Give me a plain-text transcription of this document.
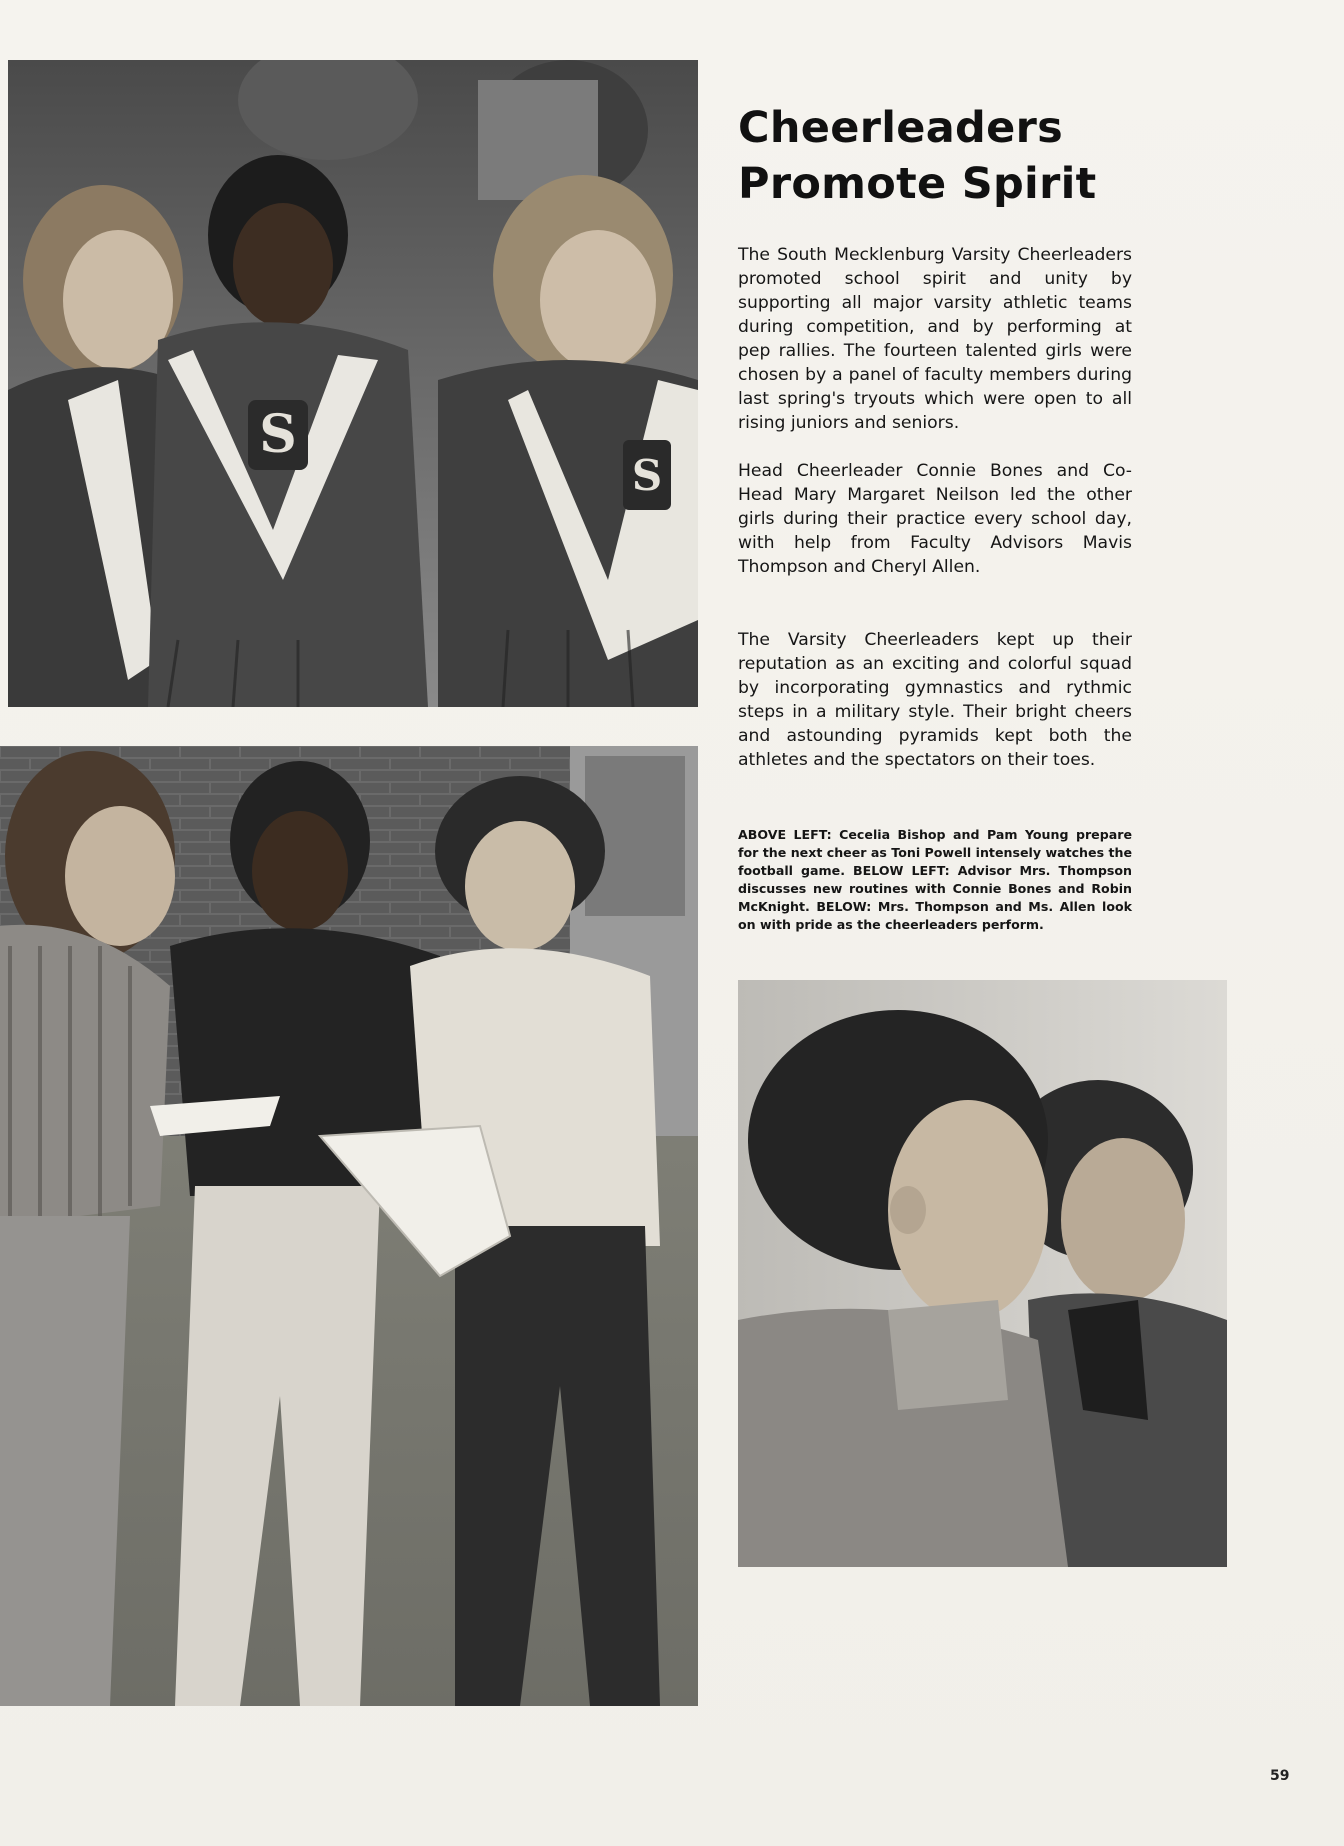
S
S
Cheerleaders
Promote Spirit

The South Mecklenburg Varsity Cheerleaders promoted school spirit and unity by supporting all major varsity athletic teams during competition, and by performing at pep rallies. The fourteen talented girls were chosen by a panel of faculty members during last spring's tryouts which were open to all rising juniors and seniors.

Head Cheerleader Connie Bones and Co-Head Mary Margaret Neilson led the other girls during their practice every school day, with help from Faculty Advisors Mavis Thompson and Cheryl Allen.

The Varsity Cheerleaders kept up their reputation as an exciting and colorful squad by incorporating gymnastics and rythmic steps in a military style. Their bright cheers and astounding pyramids kept both the athletes and the spectators on their toes.

ABOVE LEFT: Cecelia Bishop and Pam Young prepare for the next cheer as Toni Powell intensely watches the football game. BELOW LEFT: Advisor Mrs. Thompson discusses new routines with Connie Bones and Robin McKnight. BELOW: Mrs. Thompson and Ms. Allen look on with pride as the cheerleaders perform.

59
